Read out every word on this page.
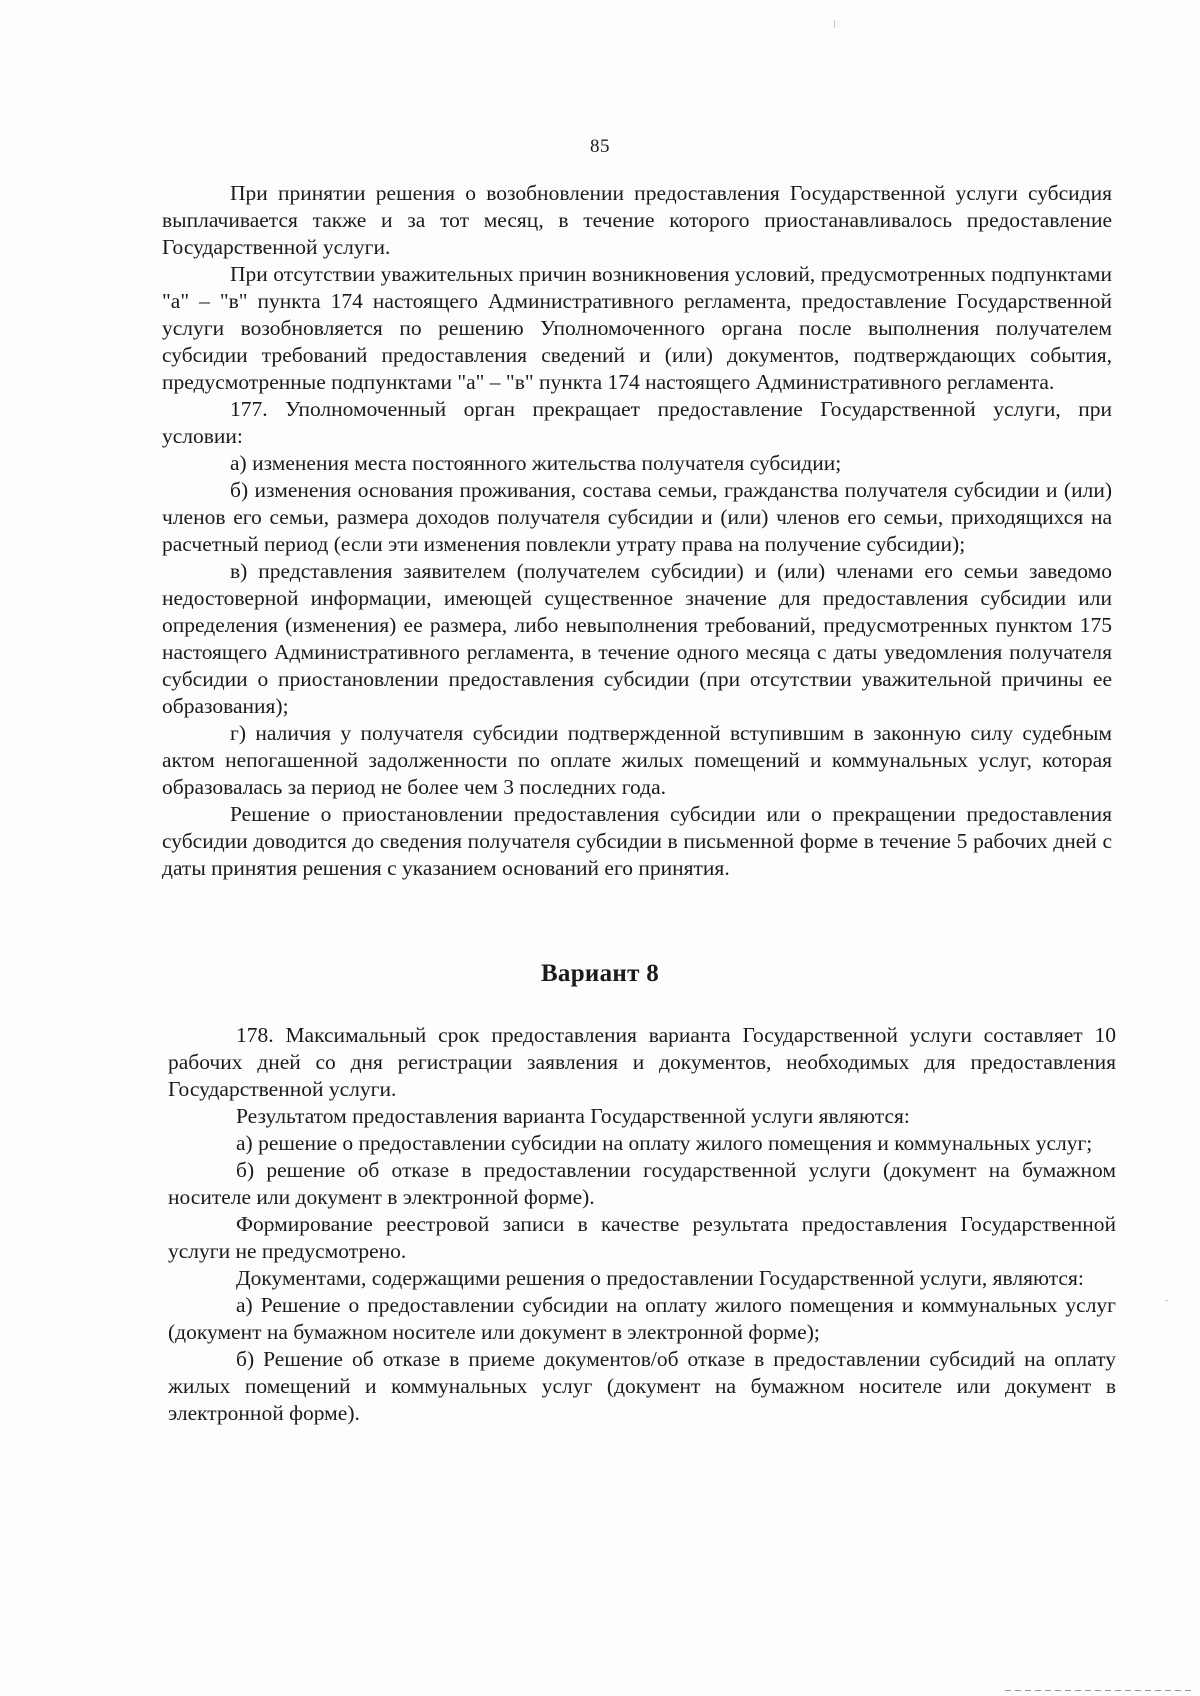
85

При принятии решения о возобновлении предоставления Государственной услуги субсидия выплачивается также и за тот месяц, в течение которого приостанавливалось предоставление Государственной услуги.

При отсутствии уважительных причин возникновения условий, предусмотренных подпунктами "а" – "в" пункта 174 настоящего Административного регламента, предоставление Государственной услуги возобновляется по решению Уполномоченного органа после выполнения получателем субсидии требований предоставления сведений и (или) документов, подтверждающих события, предусмотренные подпунктами "а" – "в" пункта 174 настоящего Административного регламента.

177. Уполномоченный орган прекращает предоставление Государственной услуги, при условии:

а) изменения места постоянного жительства получателя субсидии;

б) изменения основания проживания, состава семьи, гражданства получателя субсидии и (или) членов его семьи, размера доходов получателя субсидии и (или) членов его семьи, приходящихся на расчетный период (если эти изменения повлекли утрату права на получение субсидии);

в) представления заявителем (получателем субсидии) и (или) членами его семьи заведомо недостоверной информации, имеющей существенное значение для предоставления субсидии или определения (изменения) ее размера, либо невыполнения требований, предусмотренных пунктом 175 настоящего Административного регламента, в течение одного месяца с даты уведомления получателя субсидии о приостановлении предоставления субсидии (при отсутствии уважительной причины ее образования);

г) наличия у получателя субсидии подтвержденной вступившим в законную силу судебным актом непогашенной задолженности по оплате жилых помещений и коммунальных услуг, которая образовалась за период не более чем 3 последних года.

Решение о приостановлении предоставления субсидии или о прекращении предоставления субсидии доводится до сведения получателя субсидии в письменной форме в течение 5 рабочих дней с даты принятия решения с указанием оснований его принятия.

Вариант 8

178. Максимальный срок предоставления варианта Государственной услуги составляет 10 рабочих дней со дня регистрации заявления и документов, необходимых для предоставления Государственной услуги.

Результатом предоставления варианта Государственной услуги являются:

а) решение о предоставлении субсидии на оплату жилого помещения и коммунальных услуг;

б) решение об отказе в предоставлении государственной услуги (документ на бумажном носителе или документ в электронной форме).

Формирование реестровой записи в качестве результата предоставления Государственной услуги не предусмотрено.

Документами, содержащими решения о предоставлении Государственной услуги, являются:

а) Решение о предоставлении субсидии на оплату жилого помещения и коммунальных услуг (документ на бумажном носителе или документ в электронной форме);

б) Решение об отказе в приеме документов/об отказе в предоставлении субсидий на оплату жилых помещений и коммунальных услуг (документ на бумажном носителе или документ в электронной форме).
